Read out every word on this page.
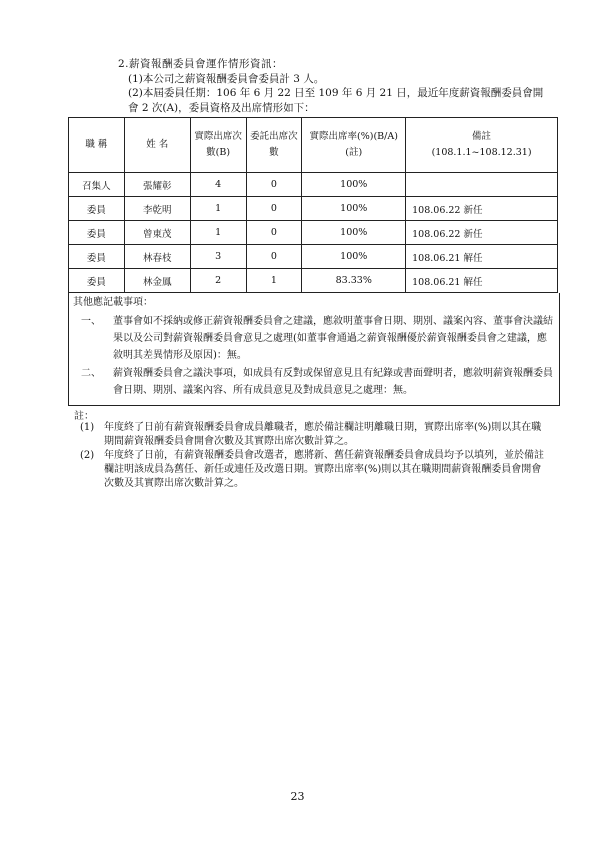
2.薪資報酬委員會運作情形資訊：
(1)本公司之薪資報酬委員會委員計 3 人。
(2)本屆委員任期：106 年 6 月 22 日至 109 年 6 月 21 日，最近年度薪資報酬委員會開會 2 次(A)，委員資格及出席情形如下：
職 稱	姓 名	實際出席次數(B)	委託出席次數	實際出席率(%)(B/A)(註)	備註
(108.1.1~108.12.31)

召集人	張耀彰	4	0	100%	
委員	李乾明	1	0	100%	108.06.22 新任
委員	曾東茂	1	0	100%	108.06.22 新任
委員	林春枝	3	0	100%	108.06.21 解任
委員	林金鳳	2	1	83.33%	108.06.21 解任
其他應記載事項：
一、 董事會如不採納或修正薪資報酬委員會之建議，應敘明董事會日期、期別、議案內容、董事會決議結果以及公司對薪資報酬委員會意見之處理(如董事會通過之薪資報酬優於薪資報酬委員會之建議，應敘明其差異情形及原因)：無。
二、 薪資報酬委員會之議決事項，如成員有反對或保留意見且有紀錄或書面聲明者，應敘明薪資報酬委員會日期、期別、議案內容、所有成員意見及對成員意見之處理：無。
註：
(1) 年度終了日前有薪資報酬委員會成員離職者，應於備註欄註明離職日期，實際出席率(%)則以其在職期間薪資報酬委員會開會次數及其實際出席次數計算之。
(2) 年度終了日前，有薪資報酬委員會改選者，應將新、舊任薪資報酬委員會成員均予以填列，並於備註欄註明該成員為舊任、新任或連任及改選日期。實際出席率(%)則以其在職期間薪資報酬委員會開會次數及其實際出席次數計算之。
23
